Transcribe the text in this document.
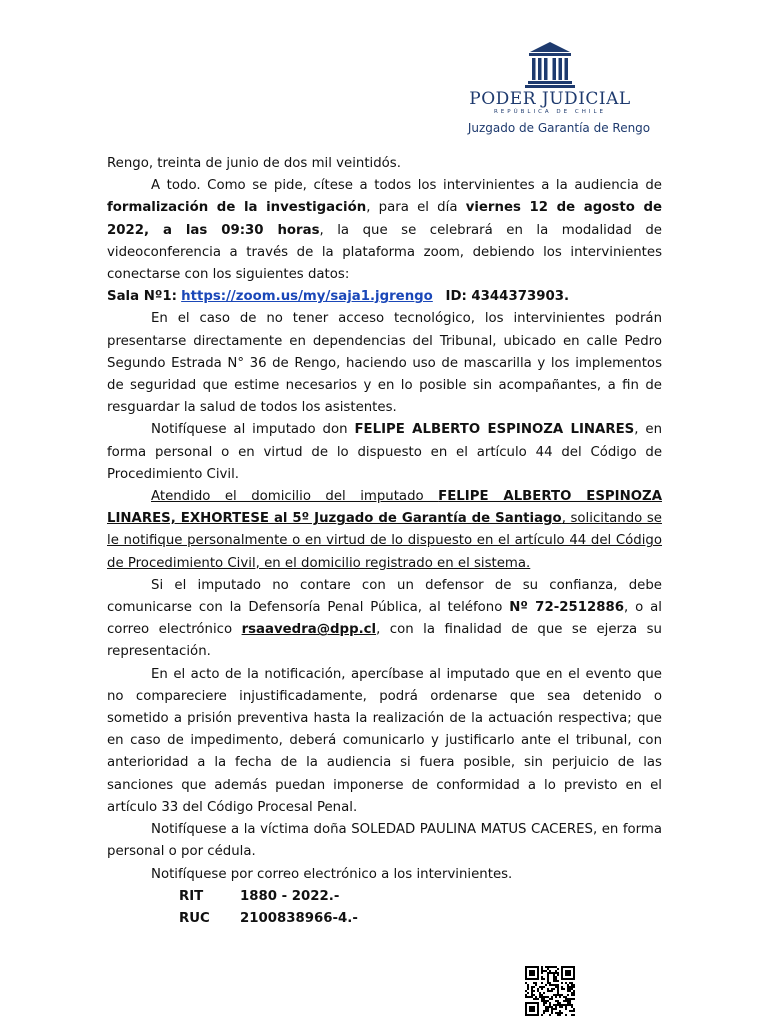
PODER JUDICIAL
REPÚBLICA DE CHILE
Juzgado de Garantía de Rengo

Rengo, treinta de junio de dos mil veintidós.

A todo. Como se pide, cítese a todos los intervinientes a la audiencia de formalización de la investigación, para el día viernes 12 de agosto de 2022, a las 09:30 horas, la que se celebrará en la modalidad de videoconferencia a través de la plataforma zoom, debiendo los intervinientes conectarse con los siguientes datos:

Sala Nº1: https://zoom.us/my/saja1.jgrengo ID: 4344373903.

En el caso de no tener acceso tecnológico, los intervinientes podrán presentarse directamente en dependencias del Tribunal, ubicado en calle Pedro Segundo Estrada N° 36 de Rengo, haciendo uso de mascarilla y los implementos de seguridad que estime necesarios y en lo posible sin acompañantes, a fin de resguardar la salud de todos los asistentes.

Notifíquese al imputado don FELIPE ALBERTO ESPINOZA LINARES, en forma personal o en virtud de lo dispuesto en el artículo 44 del Código de Procedimiento Civil.

Atendido el domicilio del imputado FELIPE ALBERTO ESPINOZA LINARES, EXHORTESE al 5º Juzgado de Garantía de Santiago, solicitando se le notifique personalmente o en virtud de lo dispuesto en el artículo 44 del Código de Procedimiento Civil, en el domicilio registrado en el sistema.

Si el imputado no contare con un defensor de su confianza, debe comunicarse con la Defensoría Penal Pública, al teléfono Nº 72-2512886, o al correo electrónico rsaavedra@dpp.cl, con la finalidad de que se ejerza su representación.

En el acto de la notificación, apercíbase al imputado que en el evento que no compareciere injustificadamente, podrá ordenarse que sea detenido o sometido a prisión preventiva hasta la realización de la actuación respectiva; que en caso de impedimento, deberá comunicarlo y justificarlo ante el tribunal, con anterioridad a la fecha de la audiencia si fuera posible, sin perjuicio de las sanciones que además puedan imponerse de conformidad a lo previsto en el artículo 33 del Código Procesal Penal.

Notifíquese a la víctima doña SOLEDAD PAULINA MATUS CACERES, en forma personal o por cédula.

Notifíquese por correo electrónico a los intervinientes.

RIT	1880 - 2022.-
RUC	2100838966-4.-
